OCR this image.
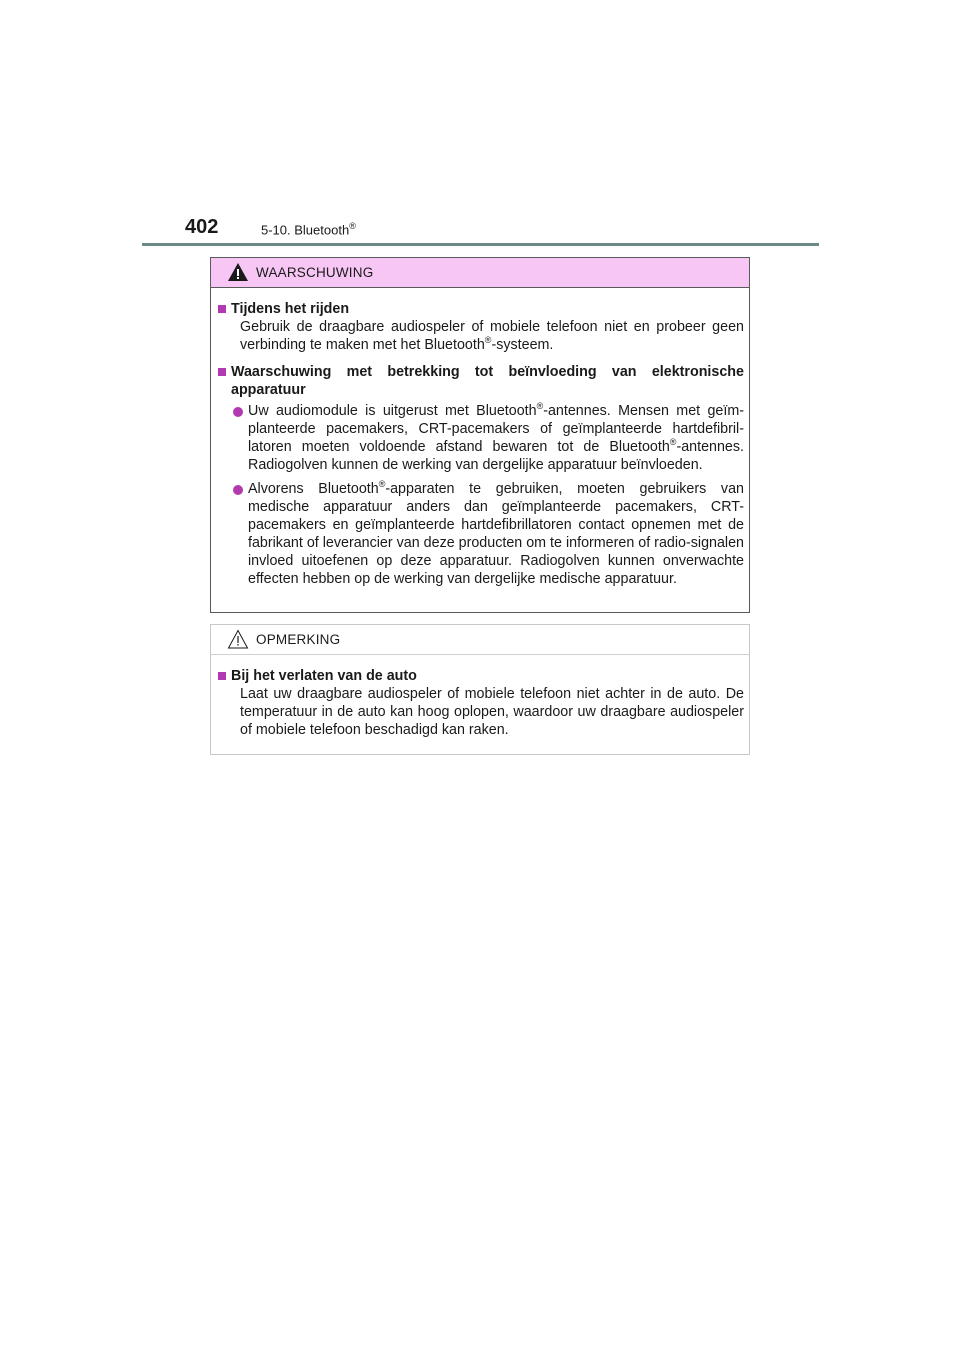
402	5-10. Bluetooth®
WAARSCHUWING
Tijdens het rijden
Gebruik de draagbare audiospeler of mobiele telefoon niet en probeer geen verbinding te maken met het Bluetooth®-systeem.
Waarschuwing met betrekking tot beïnvloeding van elektronische apparatuur
Uw audiomodule is uitgerust met Bluetooth®-antennes. Mensen met geïm-planteerde pacemakers, CRT-pacemakers of geïmplanteerde hartdefibril-latoren moeten voldoende afstand bewaren tot de Bluetooth®-antennes. Radiogolven kunnen de werking van dergelijke apparatuur beïnvloeden.
Alvorens Bluetooth®-apparaten te gebruiken, moeten gebruikers van medische apparatuur anders dan geïmplanteerde pacemakers, CRT-pacemakers en geïmplanteerde hartdefibrillatoren contact opnemen met de fabrikant of leverancier van deze producten om te informeren of radio-signalen invloed uitoefenen op deze apparatuur. Radiogolven kunnen onverwachte effecten hebben op de werking van dergelijke medische apparatuur.
OPMERKING
Bij het verlaten van de auto
Laat uw draagbare audiospeler of mobiele telefoon niet achter in de auto. De temperatuur in de auto kan hoog oplopen, waardoor uw draagbare audiospeler of mobiele telefoon beschadigd kan raken.
